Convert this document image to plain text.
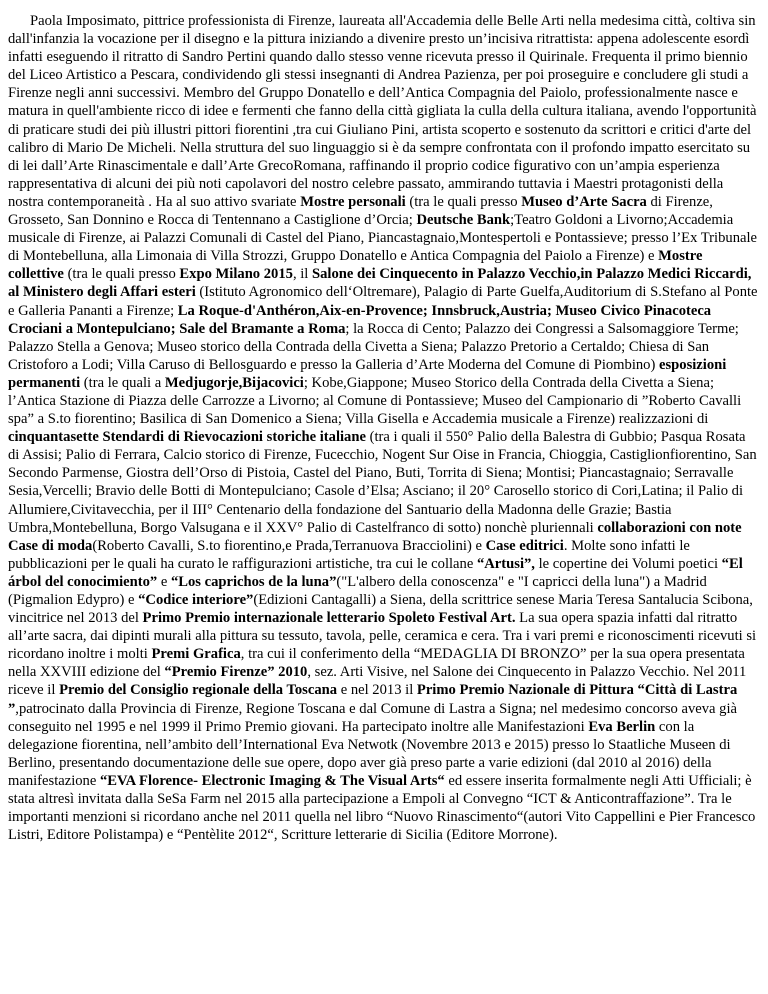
Paola Imposimato, pittrice professionista di Firenze, laureata all'Accademia delle Belle Arti nella medesima città, coltiva sin dall'infanzia la vocazione per il disegno e la pittura iniziando a divenire presto un’incisiva ritrattista: appena adolescente esordì infatti eseguendo il ritratto di Sandro Pertini quando dallo stesso venne ricevuta presso il Quirinale. Frequenta il primo biennio del Liceo Artistico a Pescara, condividendo gli stessi insegnanti di Andrea Pazienza, per poi proseguire e concludere gli studi a Firenze negli anni successivi. Membro del Gruppo Donatello e dell’Antica Compagnia del Paiolo, professionalmente nasce e matura in quell'ambiente ricco di idee e fermenti che fanno della città gigliata la culla della cultura italiana, avendo l'opportunità di praticare studi dei più illustri pittori fiorentini ,tra cui Giuliano Pini, artista scoperto e sostenuto da scrittori e critici d'arte del calibro di Mario De Micheli. Nella struttura del suo linguaggio si è da sempre confrontata con il profondo impatto esercitato su di lei dall’Arte Rinascimentale e dall’Arte GrecoRomana, raffinando il proprio codice figurativo con un’ampia esperienza rappresentativa di alcuni dei più noti capolavori del nostro celebre passato, ammirando tuttavia i Maestri protagonisti della nostra contemporaneità . Ha al suo attivo svariate Mostre personali (tra le quali presso Museo d’Arte Sacra di Firenze, Grosseto, San Donnino e Rocca di Tentennano a Castiglione d’Orcia; Deutsche Bank;Teatro Goldoni a Livorno;Accademia musicale di Firenze, ai Palazzi Comunali di Castel del Piano, Piancastagnaio,Montespertoli e Pontassieve; presso l’Ex Tribunale di Montebelluna, alla Limonaia di Villa Strozzi, Gruppo Donatello e Antica Compagnia del Paiolo a Firenze) e Mostre collettive (tra le quali presso Expo Milano 2015, il Salone dei Cinquecento in Palazzo Vecchio,in Palazzo Medici Riccardi, al Ministero degli Affari esteri (Istituto Agronomico dell‘Oltremare), Palagio di Parte Guelfa,Auditorium di S.Stefano al Ponte e Galleria Pananti a Firenze; La Roque-d'Anthéron,Aix-en-Provence; Innsbruck,Austria; Museo Civico Pinacoteca Crociani a Montepulciano; Sale del Bramante a Roma; la Rocca di Cento; Palazzo dei Congressi a Salsomaggiore Terme; Palazzo Stella a Genova; Museo storico della Contrada della Civetta a Siena; Palazzo Pretorio a Certaldo; Chiesa di San Cristoforo a Lodi; Villa Caruso di Bellosguardo e presso la Galleria d’Arte Moderna del Comune di Piombino) esposizioni permanenti (tra le quali a Medjugorje,Bijacovici; Kobe,Giappone; Museo Storico della Contrada della Civetta a Siena; l’Antica Stazione di Piazza delle Carrozze a Livorno; al Comune di Pontassieve; Museo del Campionario di ”Roberto Cavalli spa” a S.to fiorentino; Basilica di San Domenico a Siena; Villa Gisella e Accademia musicale a Firenze) realizzazioni di cinquantasette Stendardi di Rievocazioni storiche italiane (tra i quali il 550° Palio della Balestra di Gubbio; Pasqua Rosata di Assisi; Palio di Ferrara, Calcio storico di Firenze, Fucecchio, Nogent Sur Oise in Francia, Chioggia, Castiglionfiorentino, San Secondo Parmense, Giostra dell’Orso di Pistoia, Castel del Piano, Buti, Torrita di Siena; Montisi; Piancastagnaio; Serravalle Sesia,Vercelli; Bravio delle Botti di Montepulciano; Casole d’Elsa; Asciano; il 20° Carosello storico di Cori,Latina; il Palio di Allumiere,Civitavecchia, per il III° Centenario della fondazione del Santuario della Madonna delle Grazie; Bastia Umbra,Montebelluna, Borgo Valsugana e il XXV° Palio di Castelfranco di sotto) nonchè pluriennali collaborazioni con note Case di moda(Roberto Cavalli, S.to fiorentino,e Prada,Terranuova Bracciolini) e Case editrici. Molte sono infatti le pubblicazioni per le quali ha curato le raffigurazioni artistiche, tra cui le collane “Artusi”, le copertine dei Volumi poetici “El árbol del conocimiento” e “Los caprichos de la luna”("L'albero della conoscenza" e "I capricci della luna") a Madrid (Pigmalion Edypro) e “Codice interiore”(Edizioni Cantagalli) a Siena, della scrittrice senese Maria Teresa Santalucia Scibona, vincitrice nel 2013 del Primo Premio internazionale letterario Spoleto Festival Art. La sua opera spazia infatti dal ritratto all’arte sacra, dai dipinti murali alla pittura su tessuto, tavola, pelle, ceramica e cera. Tra i vari premi e riconoscimenti ricevuti si ricordano inoltre i molti Premi Grafica, tra cui il conferimento della “MEDAGLIA DI BRONZO” per la sua opera presentata nella XXVIII edizione del “Premio Firenze” 2010, sez. Arti Visive, nel Salone dei Cinquecento in Palazzo Vecchio. Nel 2011 riceve il Premio del Consiglio regionale della Toscana e nel 2013 il Primo Premio Nazionale di Pittura “Città di Lastra ”,patrocinato dalla Provincia di Firenze, Regione Toscana e dal Comune di Lastra a Signa; nel medesimo concorso aveva già conseguito nel 1995 e nel 1999 il Primo Premio giovani. Ha partecipato inoltre alle Manifestazioni Eva Berlin con la delegazione fiorentina, nell’ambito dell’International Eva Netwotk (Novembre 2013 e 2015) presso lo Staatliche Museen di Berlino, presentando documentazione delle sue opere, dopo aver già preso parte a varie edizioni (dal 2010 al 2016) della manifestazione “EVA Florence- Electronic Imaging & The Visual Arts“ ed essere inserita formalmente negli Atti Ufficiali; è stata altresì invitata dalla SeSa Farm nel 2015 alla partecipazione a Empoli al Convegno “ICT & Anticontraffazione”. Tra le importanti menzioni si ricordano anche nel 2011 quella nel libro “Nuovo Rinascimento“(autori Vito Cappellini e Pier Francesco Listri, Editore Polistampa) e “Pentèlite 2012“, Scritture letterarie di Sicilia (Editore Morrone).
